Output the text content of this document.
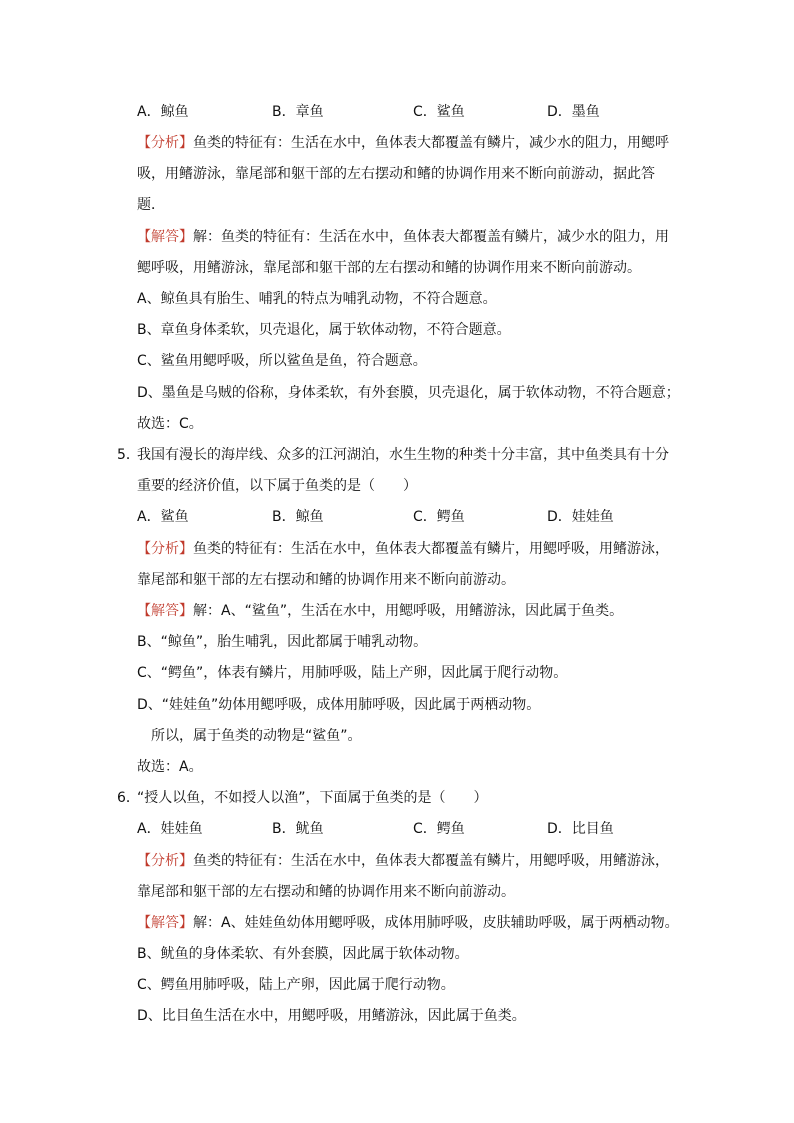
A．鲸鱼	B．章鱼	C．鲨鱼	D．墨鱼
【分析】鱼类的特征有：生活在水中，鱼体表大都覆盖有鳞片，减少水的阻力，用鳃呼
吸，用鳍游泳，靠尾部和躯干部的左右摆动和鳍的协调作用来不断向前游动，据此答
题．
【解答】解：鱼类的特征有：生活在水中，鱼体表大都覆盖有鳞片，减少水的阻力，用
鳃呼吸，用鳍游泳，靠尾部和躯干部的左右摆动和鳍的协调作用来不断向前游动。
A、鲸鱼具有胎生、哺乳的特点为哺乳动物，不符合题意。
B、章鱼身体柔软，贝壳退化，属于软体动物，不符合题意。
C、鲨鱼用鳃呼吸，所以鲨鱼是鱼，符合题意。
D、墨鱼是乌贼的俗称，身体柔软，有外套膜，贝壳退化，属于软体动物，不符合题意；
故选：C。
5．
我国有漫长的海岸线、众多的江河湖泊，水生生物的种类十分丰富，其中鱼类具有十分
重要的经济价值，以下属于鱼类的是（　　）
A．鲨鱼	B．鲸鱼	C．鳄鱼	D．娃娃鱼
【分析】鱼类的特征有：生活在水中，鱼体表大都覆盖有鳞片，用鳃呼吸，用鳍游泳，
靠尾部和躯干部的左右摆动和鳍的协调作用来不断向前游动。
【解答】解：A、“鲨鱼”，生活在水中，用鳃呼吸，用鳍游泳，因此属于鱼类。
B、“鲸鱼”，胎生哺乳，因此都属于哺乳动物。
C、“鳄鱼”，体表有鳞片，用肺呼吸，陆上产卵，因此属于爬行动物。
D、“娃娃鱼”幼体用鳃呼吸，成体用肺呼吸，因此属于两栖动物。
　所以，属于鱼类的动物是“鲨鱼”。
故选：A。
6．
“授人以鱼，不如授人以渔”，下面属于鱼类的是（　　）
A．娃娃鱼	B．鱿鱼	C．鳄鱼	D．比目鱼
【分析】鱼类的特征有：生活在水中，鱼体表大都覆盖有鳞片，用鳃呼吸，用鳍游泳，
靠尾部和躯干部的左右摆动和鳍的协调作用来不断向前游动。
【解答】解：A、娃娃鱼幼体用鳃呼吸，成体用肺呼吸，皮肤辅助呼吸，属于两栖动物。
B、鱿鱼的身体柔软、有外套膜，因此属于软体动物。
C、鳄鱼用肺呼吸，陆上产卵，因此属于爬行动物。
D、比目鱼生活在水中，用鳃呼吸，用鳍游泳，因此属于鱼类。
